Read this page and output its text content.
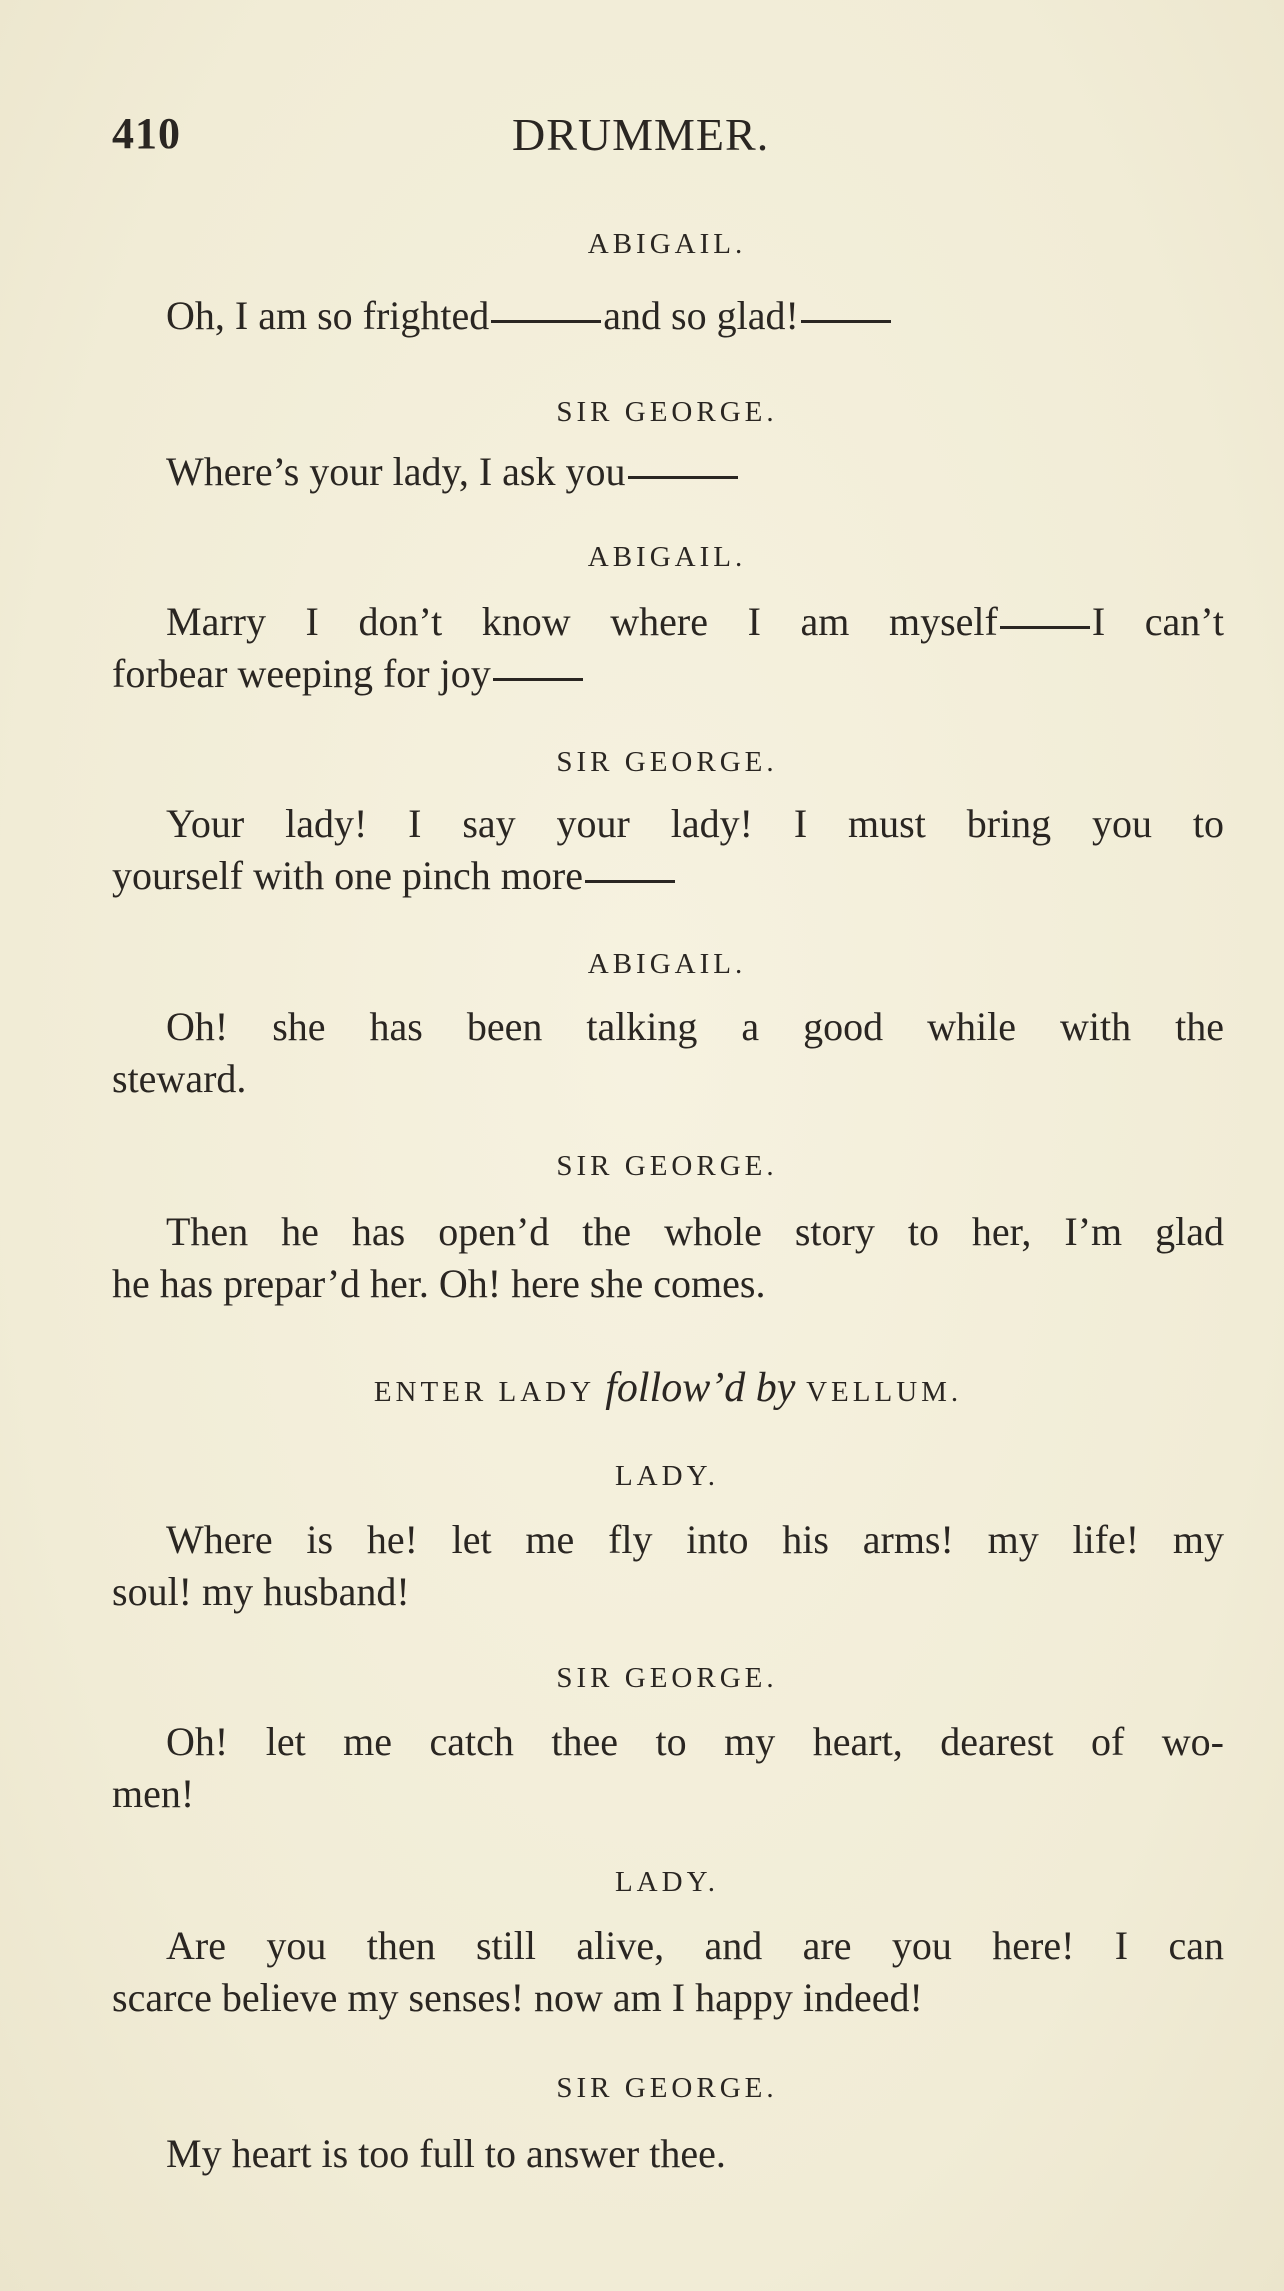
410	DRUMMER.
ABIGAIL.
Oh, I am so frighted	and so glad!
SIR GEORGE.
Where’s your lady, I ask you
ABIGAIL.
Marry I don’t know where I am myself I can’t
forbear weeping for joy
SIR GEORGE.
Your lady! I say your lady! I must bring you to
yourself with one pinch more
ABIGAIL.
Oh! she has been talking a good while with the
steward.
SIR GEORGE.
Then he has open’d the whole story to her, I’m glad
he has prepar’d her. Oh! here she comes.
ENTER LADY follow’d by VELLUM.
LADY.
Where is he! let me fly into his arms! my life! my
soul! my husband!
SIR GEORGE.
Oh! let me catch thee to my heart, dearest of wo-
men!
LADY.
Are you then still alive, and are you here! I can
scarce believe my senses! now am I happy indeed!
SIR GEORGE.
My heart is too full to answer thee.
